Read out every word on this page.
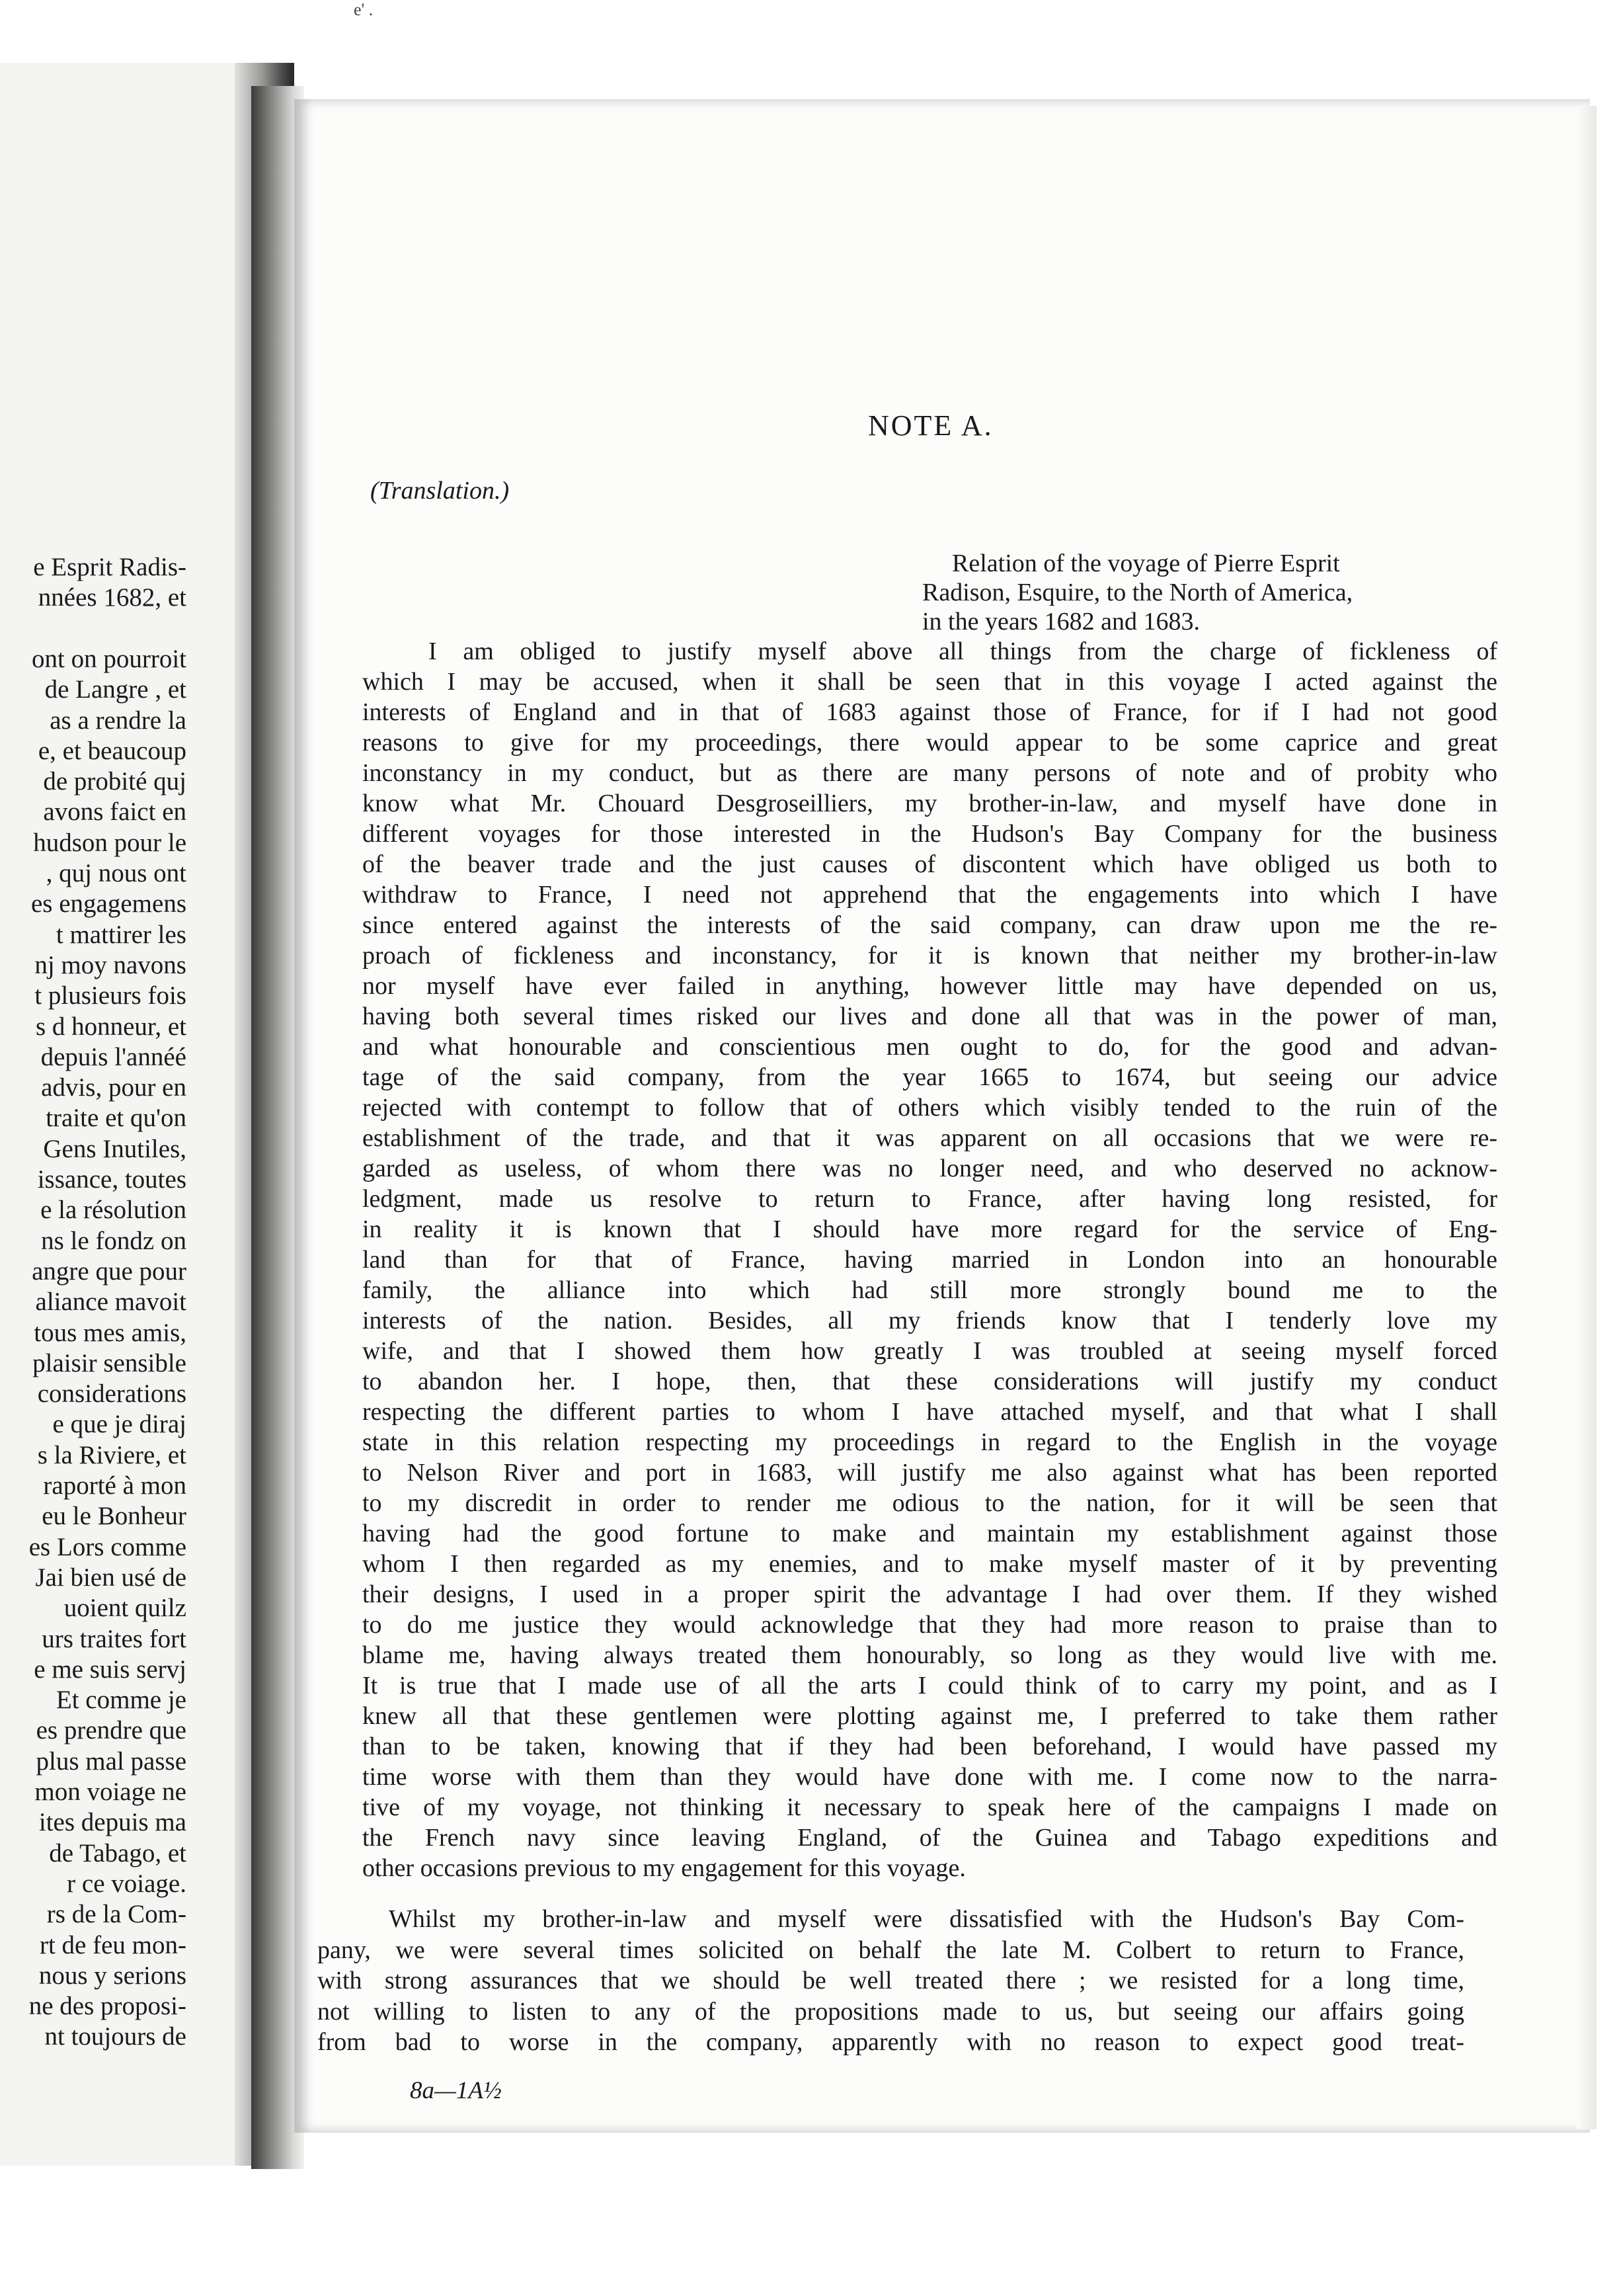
e Esprit Radis-
nnées 1682, et
ont on pourroit
de Langre , et
as a rendre la
e, et beaucoup
de probité quj
avons faict en
hudson pour le
, quj nous ont
es engagemens
t mattirer les
nj moy navons
t plusieurs fois
s d honneur, et
depuis l'annéé
advis, pour en
traite et qu'on
Gens Inutiles,
issance, toutes
e la résolution
ns le fondz on
angre que pour
aliance mavoit
tous mes amis,
plaisir sensible
considerations
e que je diraj
s la Riviere, et
raporté à mon
eu le Bonheur
es Lors comme
Jai bien usé de
uoient quilz
urs traites fort
e me suis servj
Et comme je
es prendre que
plus mal passe
mon voiage ne
ites depuis ma
de Tabago, et
r ce voiage.
rs de la Com-
rt de feu mon-
nous y serions
ne des proposi-
nt toujours de
e' .
NOTE A.
(Translation.)
Relation of the voyage of Pierre Esprit
Radison, Esquire, to the North of America,
in the years 1682 and 1683.
I am obliged to justify myself above all things from the charge of fickleness of
which I may be accused, when it shall be seen that in this voyage I acted against the
interests of England and in that of 1683 against those of France, for if I had not good
reasons to give for my proceedings, there would appear to be some caprice and great
inconstancy in my conduct, but as there are many persons of note and of probity who
know what Mr. Chouard Desgroseilliers, my brother-in-law, and myself have done in
different voyages for those interested in the Hudson's Bay Company for the business
of the beaver trade and the just causes of discontent which have obliged us both to
withdraw to France, I need not apprehend that the engagements into which I have
since entered against the interests of the said company, can draw upon me the re-
proach of fickleness and inconstancy, for it is known that neither my brother-in-law
nor myself have ever failed in anything, however little may have depended on us,
having both several times risked our lives and done all that was in the power of man,
and what honourable and conscientious men ought to do, for the good and advan-
tage of the said company, from the year 1665 to 1674, but seeing our advice
rejected with contempt to follow that of others which visibly tended to the ruin of the
establishment of the trade, and that it was apparent on all occasions that we were re-
garded as useless, of whom there was no longer need, and who deserved no acknow-
ledgment, made us resolve to return to France, after having long resisted, for
in reality it is known that I should have more regard for the service of Eng-
land than for that of France, having married in London into an honourable
family, the alliance into which had still more strongly bound me to the
interests of the nation. Besides, all my friends know that I tenderly love my
wife, and that I showed them how greatly I was troubled at seeing myself forced
to abandon her. I hope, then, that these considerations will justify my conduct
respecting the different parties to whom I have attached myself, and that what I shall
state in this relation respecting my proceedings in regard to the English in the voyage
to Nelson River and port in 1683, will justify me also against what has been reported
to my discredit in order to render me odious to the nation, for it will be seen that
having had the good fortune to make and maintain my establishment against those
whom I then regarded as my enemies, and to make myself master of it by preventing
their designs, I used in a proper spirit the advantage I had over them. If they wished
to do me justice they would acknowledge that they had more reason to praise than to
blame me, having always treated them honourably, so long as they would live with me.
It is true that I made use of all the arts I could think of to carry my point, and as I
knew all that these gentlemen were plotting against me, I preferred to take them rather
than to be taken, knowing that if they had been beforehand, I would have passed my
time worse with them than they would have done with me. I come now to the narra-
tive of my voyage, not thinking it necessary to speak here of the campaigns I made on
the French navy since leaving England, of the Guinea and Tabago expeditions and
other occasions previous to my engagement for this voyage.
Whilst my brother-in-law and myself were dissatisfied with the Hudson's Bay Com-
pany, we were several times solicited on behalf the late M. Colbert to return to France,
with strong assurances that we should be well treated there ; we resisted for a long time,
not willing to listen to any of the propositions made to us, but seeing our affairs going
from bad to worse in the company, apparently with no reason to expect good treat-
8a—1A½
